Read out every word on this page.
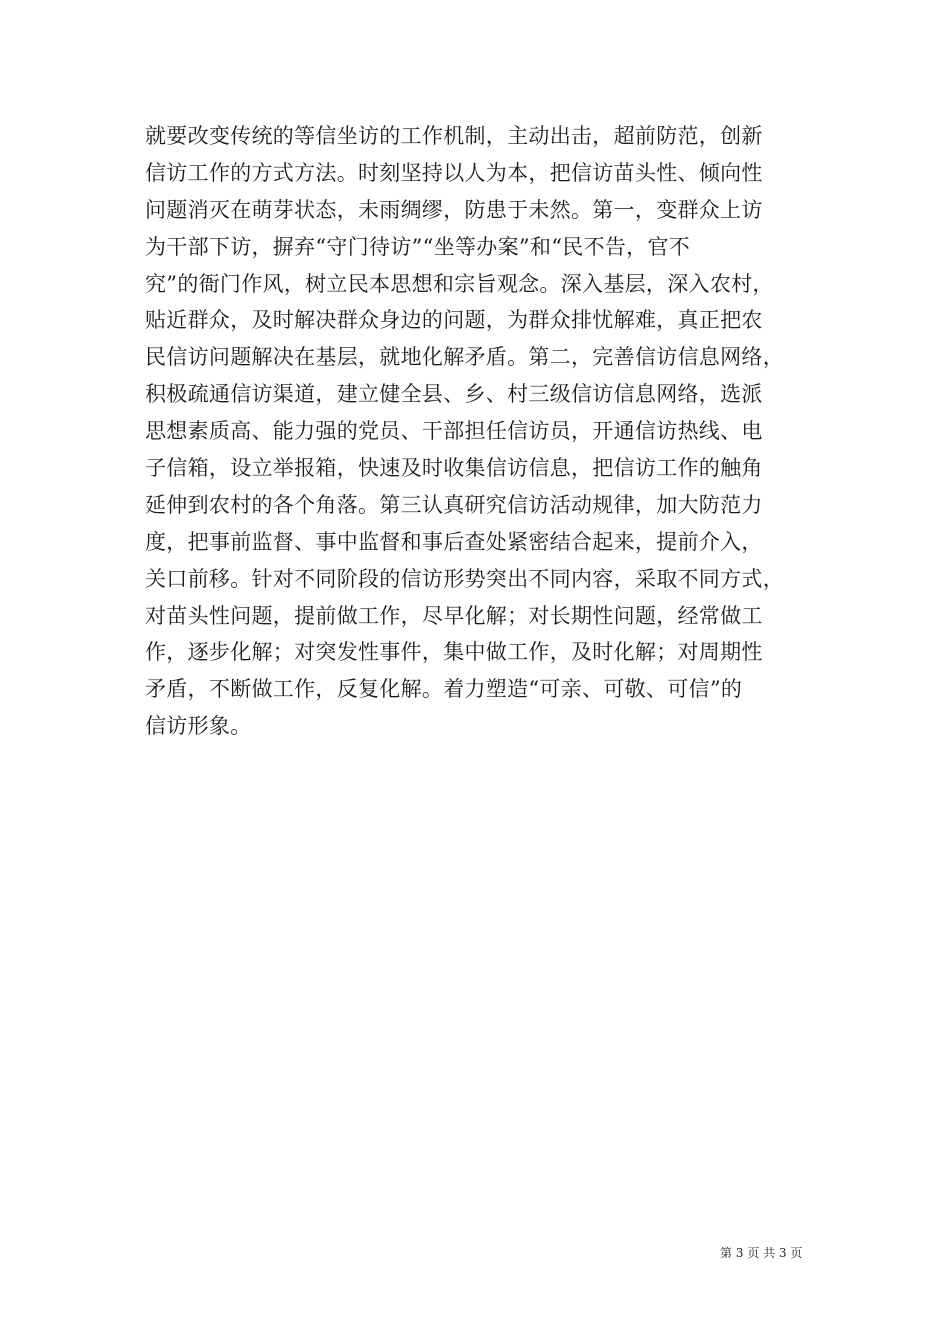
就要改变传统的等信坐访的工作机制，主动出击，超前防范，创新
信访工作的方式方法。时刻坚持以人为本，把信访苗头性、倾向性
问题消灭在萌芽状态，未雨绸缪，防患于未然。第一，变群众上访
为干部下访，摒弃“守门待访”“坐等办案”和“民不告，官不
究”的衙门作风，树立民本思想和宗旨观念。深入基层，深入农村，
贴近群众，及时解决群众身边的问题，为群众排忧解难，真正把农
民信访问题解决在基层，就地化解矛盾。第二，完善信访信息网络，
积极疏通信访渠道，建立健全县、乡、村三级信访信息网络，选派
思想素质高、能力强的党员、干部担任信访员，开通信访热线、电
子信箱，设立举报箱，快速及时收集信访信息，把信访工作的触角
延伸到农村的各个角落。第三认真研究信访活动规律，加大防范力
度，把事前监督、事中监督和事后查处紧密结合起来，提前介入，
关口前移。针对不同阶段的信访形势突出不同内容，采取不同方式，
对苗头性问题，提前做工作，尽早化解；对长期性问题，经常做工
作，逐步化解；对突发性事件，集中做工作，及时化解；对周期性
矛盾，不断做工作，反复化解。着力塑造“可亲、可敬、可信”的
信访形象。
第 3 页 共 3 页
